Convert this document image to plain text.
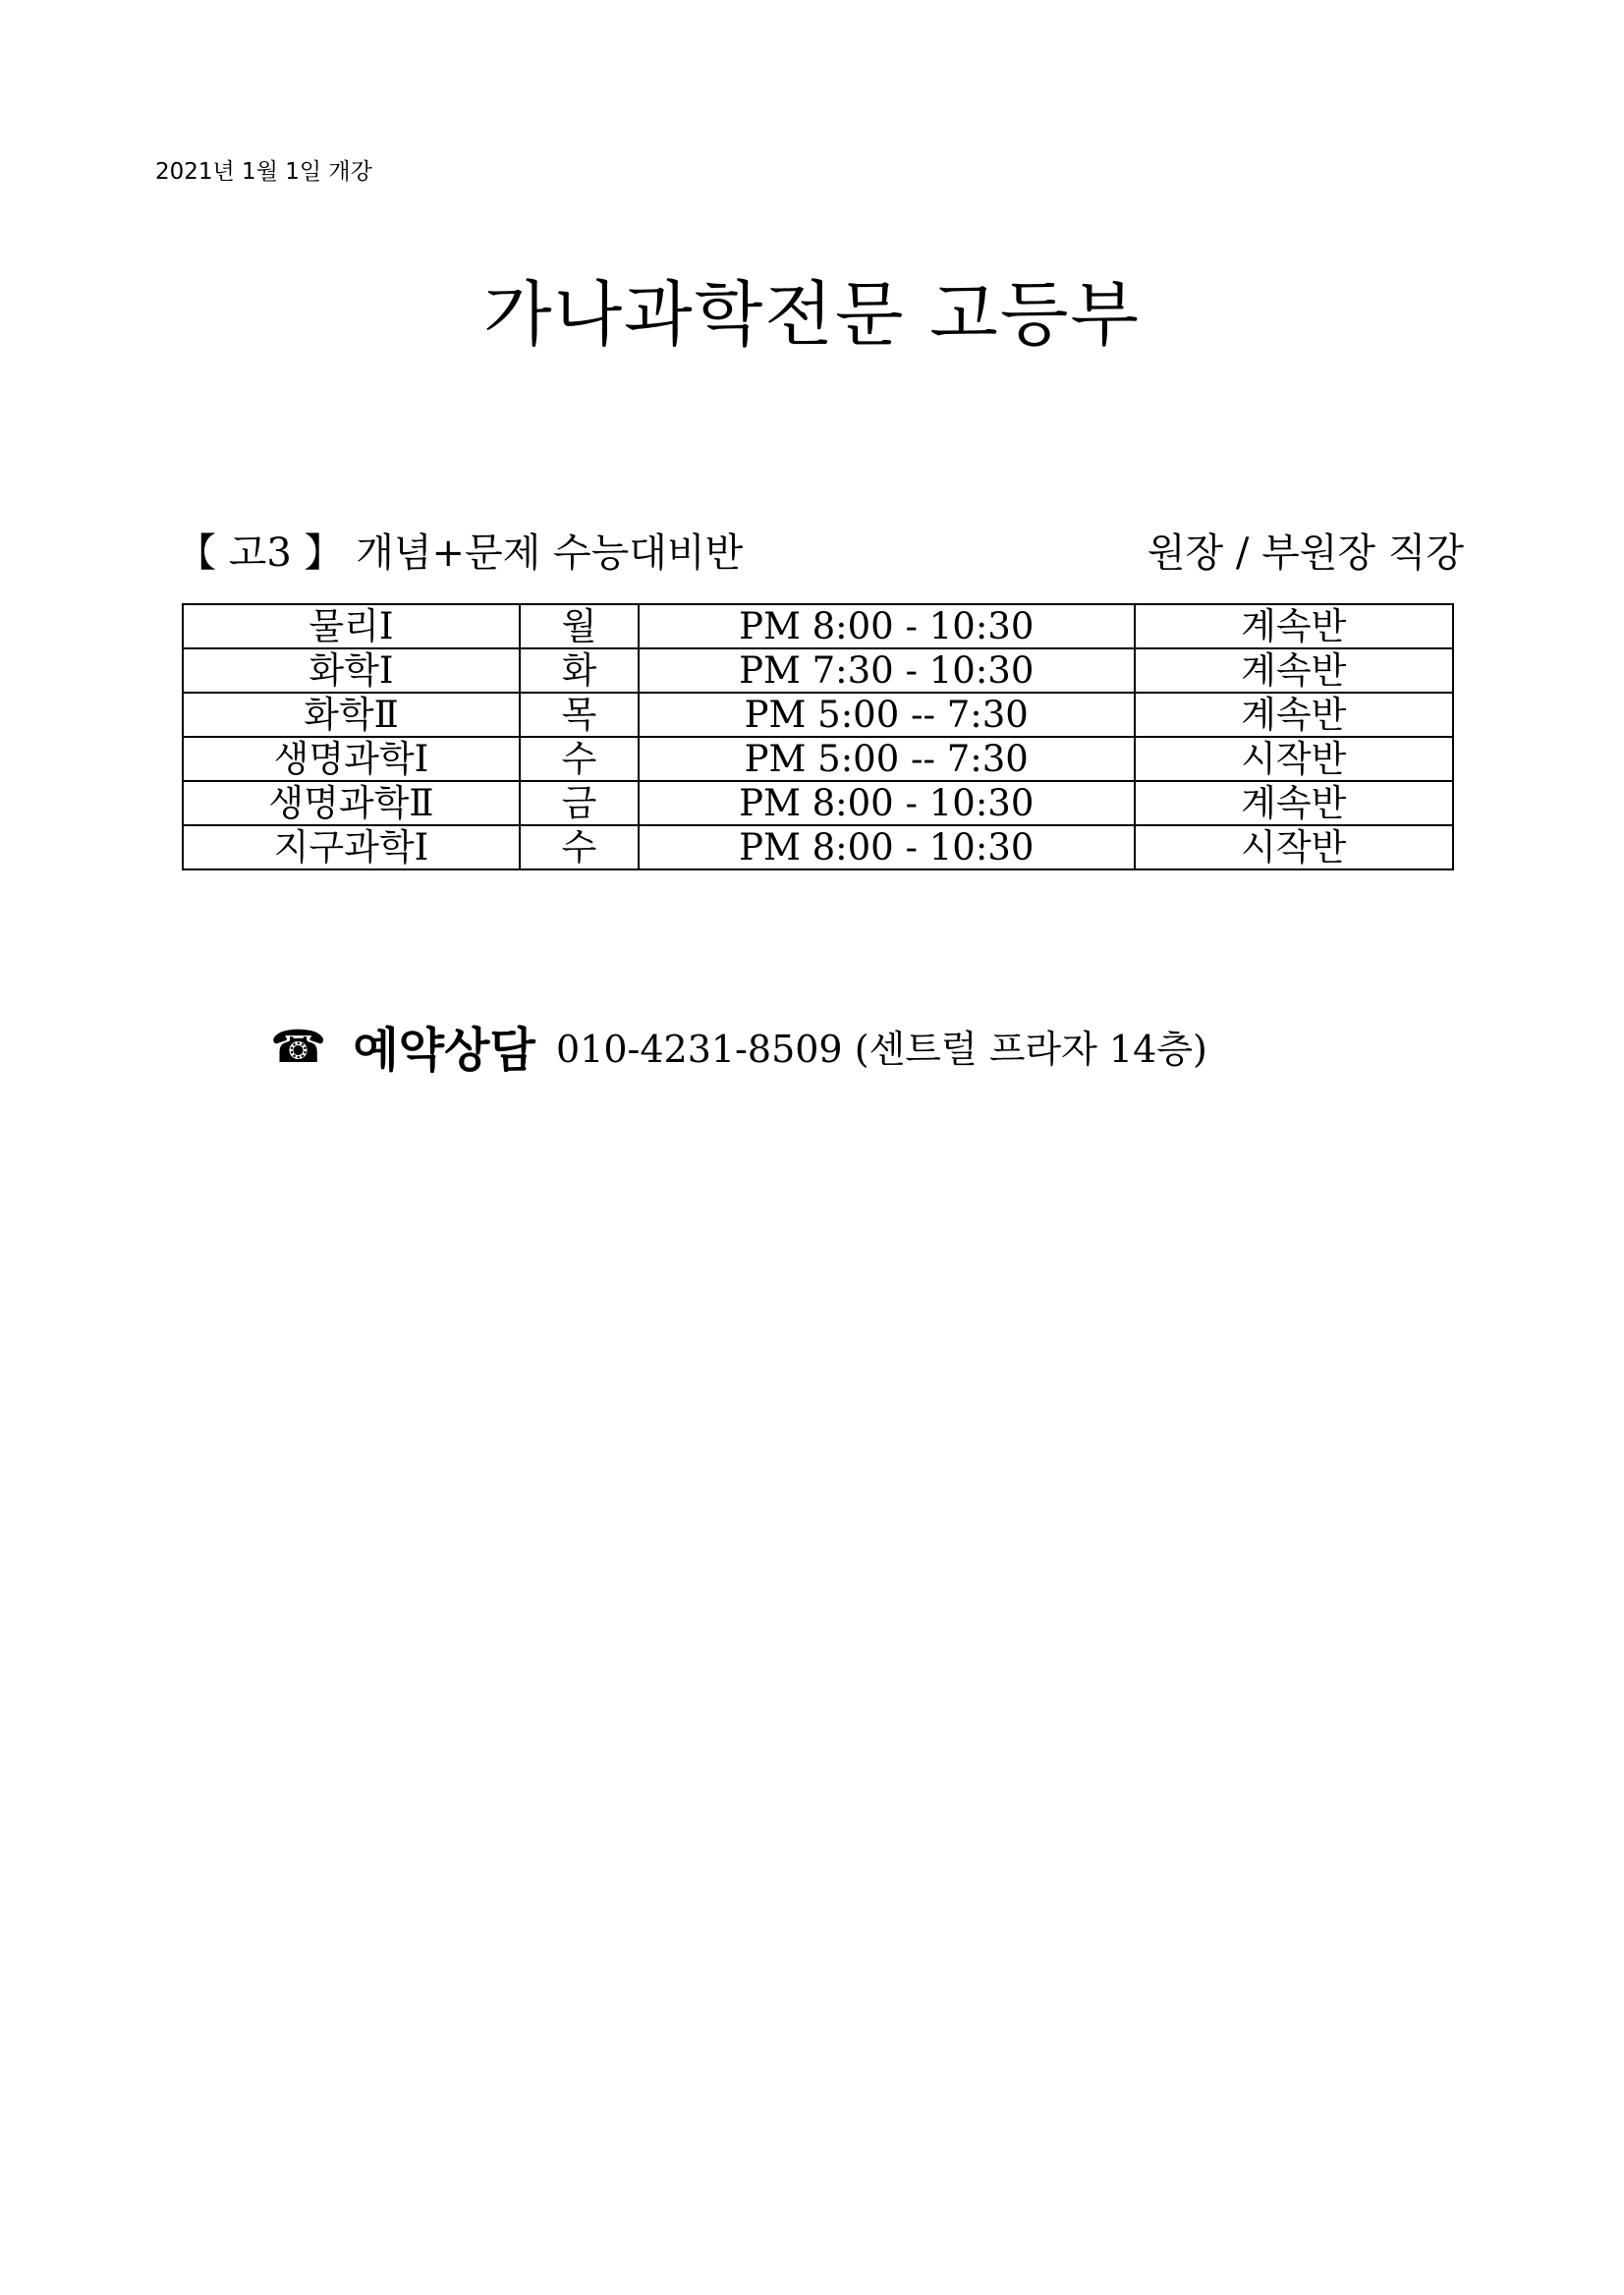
2021년 1월 1일 개강
가나과학전문 고등부
【 고3 】 개념+문제 수능대비반	원장 / 부원장 직강
물리Ⅰ	월	PM 8:00 - 10:30	계속반
화학Ⅰ	화	PM 7:30 - 10:30	계속반
화학Ⅱ	목	PM 5:00 -- 7:30	계속반
생명과학Ⅰ	수	PM 5:00 -- 7:30	시작반
생명과학Ⅱ	금	PM 8:00 - 10:30	계속반
지구과학Ⅰ	수	PM 8:00 - 10:30	시작반
☎ 예약상담 010-4231-8509 (센트럴 프라자 14층)
